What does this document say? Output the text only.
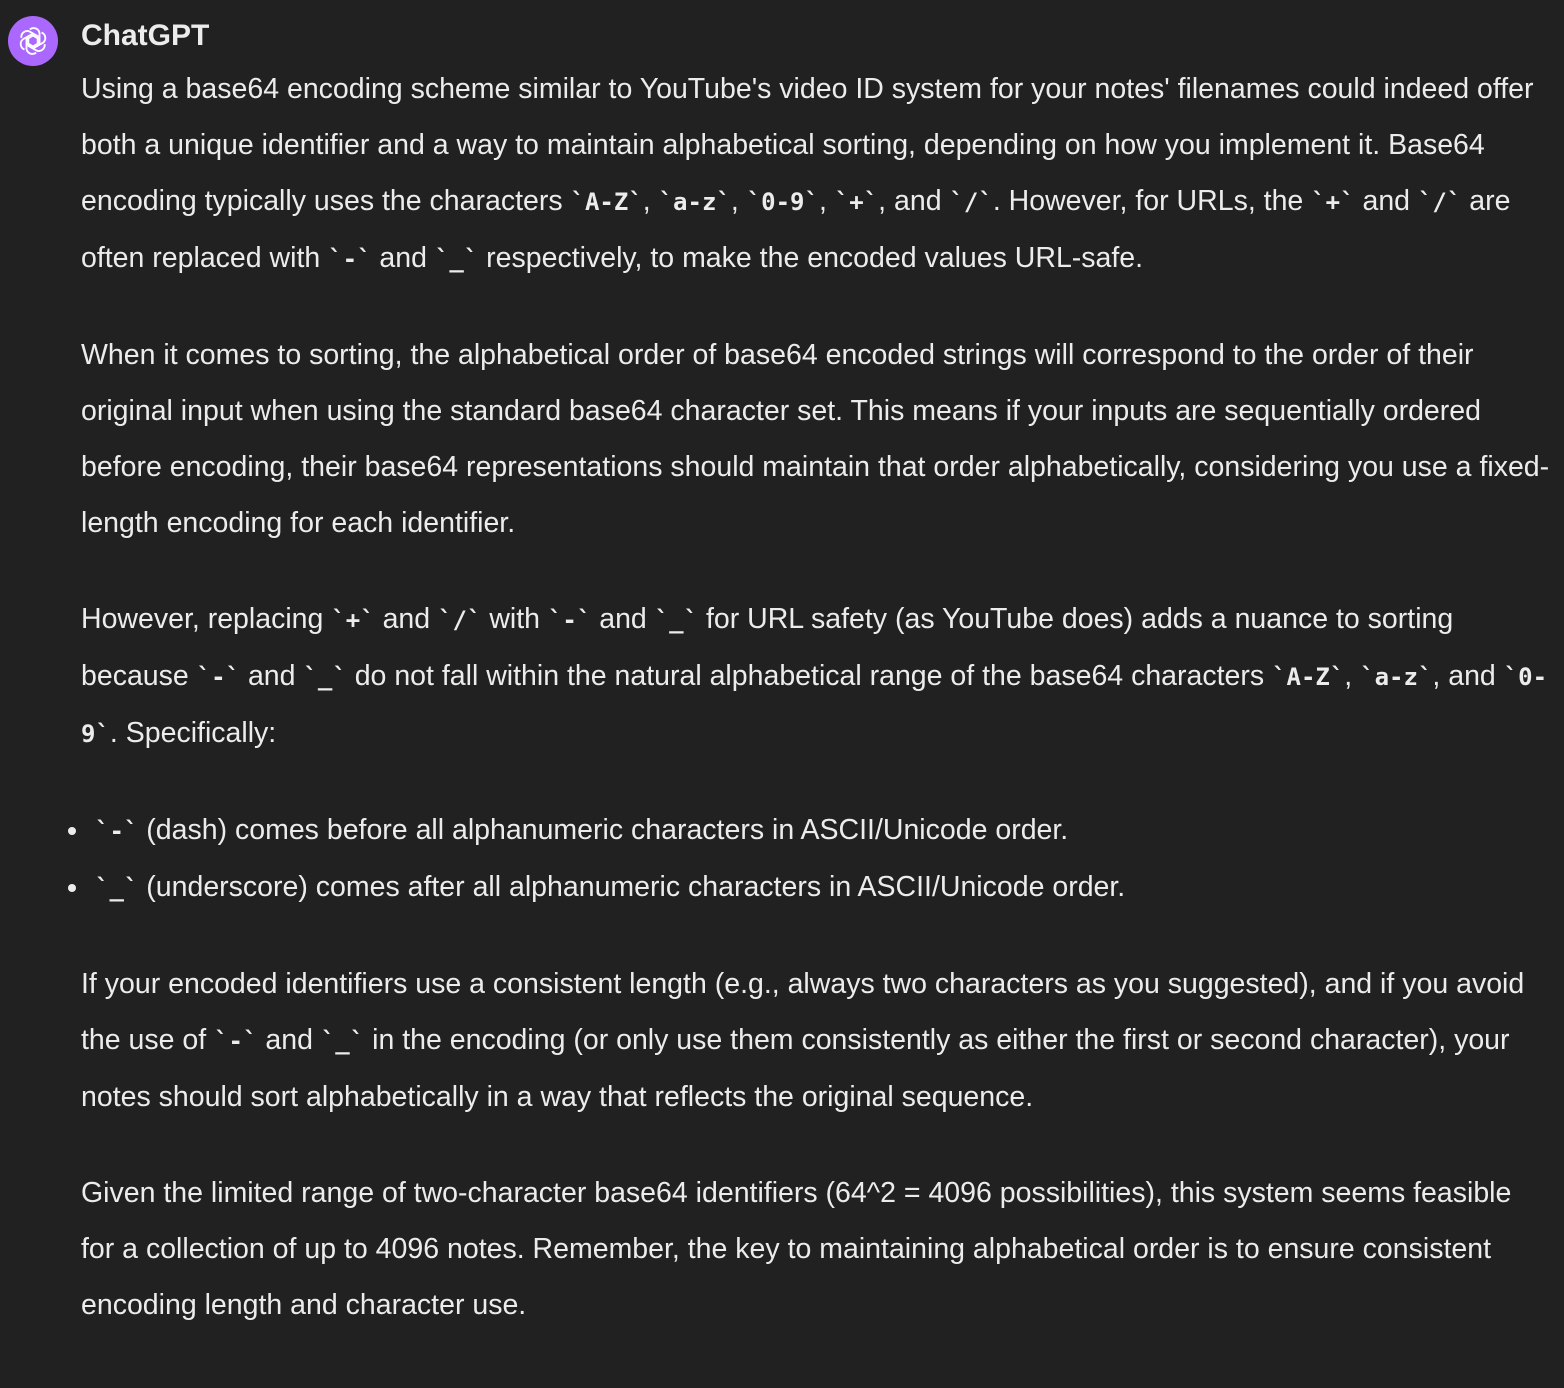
ChatGPT

Using a base64 encoding scheme similar to YouTube's video ID system for your notes' filenames could indeed offer both a unique identifier and a way to maintain alphabetical sorting, depending on how you implement it. Base64 encoding typically uses the characters `A-Z`, `a-z`, `0-9`, `+`, and `/`. However, for URLs, the `+` and `/` are often replaced with `-` and `_` respectively, to make the encoded values URL-safe.

When it comes to sorting, the alphabetical order of base64 encoded strings will correspond to the order of their original input when using the standard base64 character set. This means if your inputs are sequentially ordered before encoding, their base64 representations should maintain that order alphabetically, considering you use a fixed-length encoding for each identifier.

However, replacing `+` and `/` with `-` and `_` for URL safety (as YouTube does) adds a nuance to sorting because `-` and `_` do not fall within the natural alphabetical range of the base64 characters `A-Z`, `a-z`, and `0-9`. Specifically:

`-` (dash) comes before all alphanumeric characters in ASCII/Unicode order.
`_` (underscore) comes after all alphanumeric characters in ASCII/Unicode order.

If your encoded identifiers use a consistent length (e.g., always two characters as you suggested), and if you avoid the use of `-` and `_` in the encoding (or only use them consistently as either the first or second character), your notes should sort alphabetically in a way that reflects the original sequence.

Given the limited range of two-character base64 identifiers (64^2 = 4096 possibilities), this system seems feasible for a collection of up to 4096 notes. Remember, the key to maintaining alphabetical order is to ensure consistent encoding length and character use.
